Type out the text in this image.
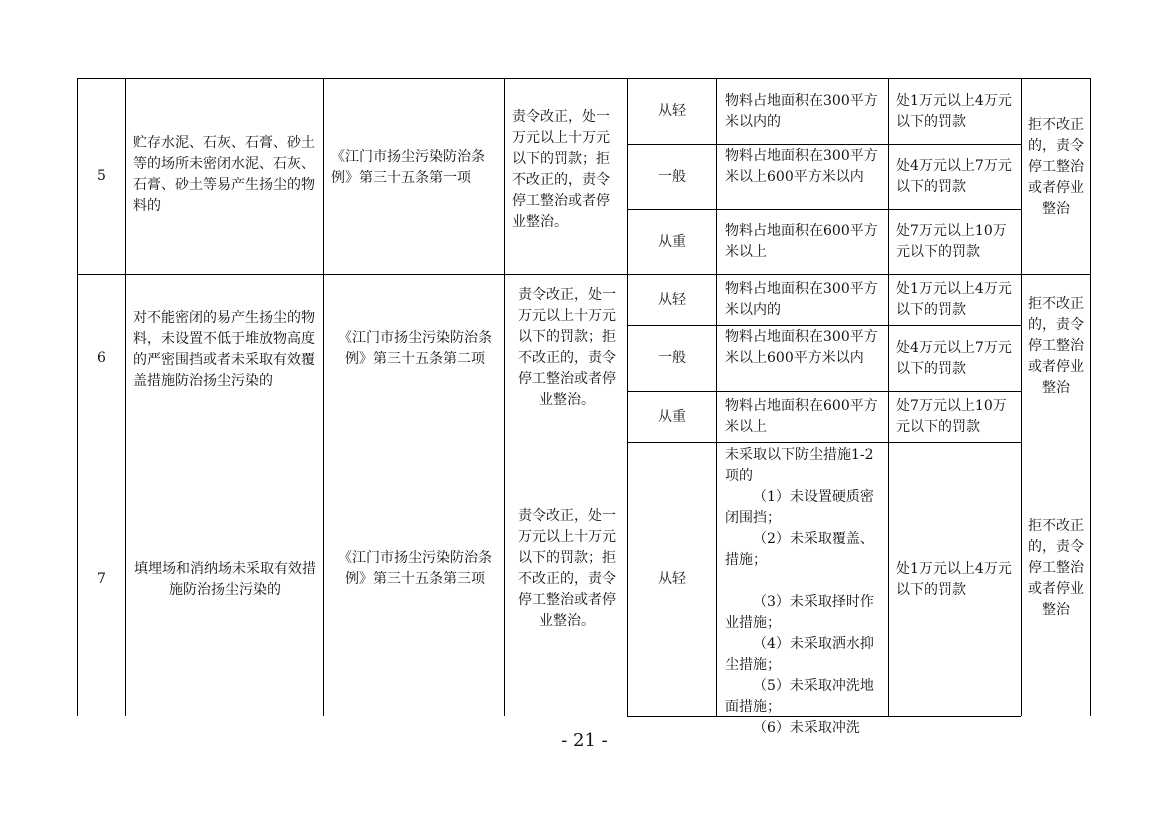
5
贮存水泥、石灰、石膏、砂土等的场所未密闭水泥、石灰、石膏、砂土等易产生扬尘的物料的
《江门市扬尘污染防治条例》第三十五条第一项
责令改正，处一万元以上十万元以下的罚款；拒不改正的，责令停工整治或者停业整治。
从轻
物料占地面积在300平方米以内的
处1万元以上4万元以下的罚款
一般
物料占地面积在300平方米以上600平方米以内
处4万元以上7万元以下的罚款
从重
物料占地面积在600平方米以上
处7万元以上10万元以下的罚款
拒不改正的，责令停工整治或者停业整治
6
对不能密闭的易产生扬尘的物料，未设置不低于堆放物高度的严密围挡或者未采取有效覆盖措施防治扬尘污染的
《江门市扬尘污染防治条例》第三十五条第二项
责令改正，处一万元以上十万元以下的罚款；拒不改正的，责令停工整治或者停业整治。
从轻
物料占地面积在300平方米以内的
处1万元以上4万元以下的罚款
一般
物料占地面积在300平方米以上600平方米以内
处4万元以上7万元以下的罚款
从重
物料占地面积在600平方米以上
处7万元以上10万元以下的罚款
拒不改正的，责令停工整治或者停业整治
7
填埋场和消纳场未采取有效措施防治扬尘污染的
《江门市扬尘污染防治条例》第三十五条第三项
责令改正，处一万元以上十万元以下的罚款；拒不改正的，责令停工整治或者停业整治。
从轻
未采取以下防尘措施1-2项的
（1）未设置硬质密闭围挡；
（2）未采取覆盖、措施；
（3）未采取择时作业措施；
（4）未采取洒水抑尘措施；
（5）未采取冲洗地面措施；
（6）未采取冲洗
处1万元以上4万元以下的罚款
拒不改正的，责令停工整治或者停业整治
- 21 -
